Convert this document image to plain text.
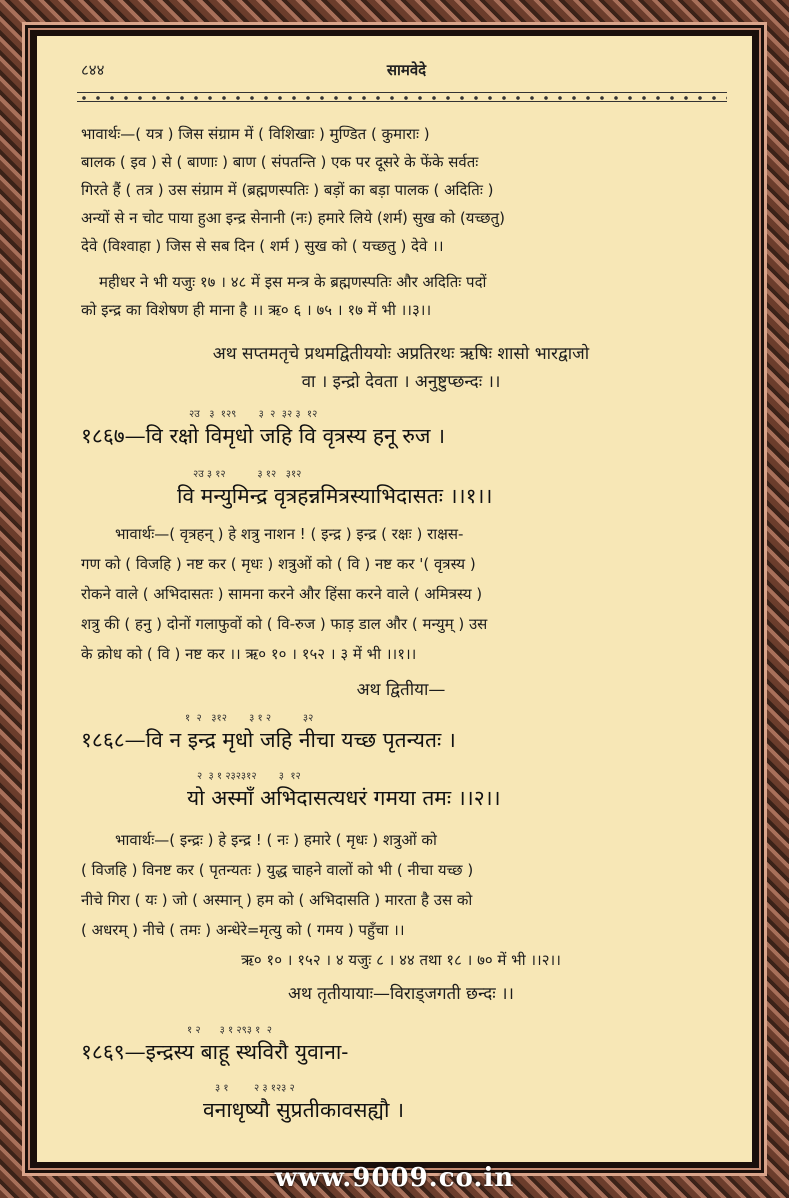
८४४	सामवेदे
भावार्थः—( यत्र ) जिस संग्राम में ( विशिखाः ) मुण्डित ( कुमाराः )
बालक ( इव ) से ( बाणाः ) बाण ( संपतन्ति ) एक पर दूसरे के फेंके सर्वतः
गिरते हैं ( तत्र ) उस संग्राम में (ब्रह्मणस्पतिः ) बड़ों का बड़ा पालक ( अदितिः )
अन्यों से न चोट पाया हुआ इन्द्र सेनानी (नः) हमारे लिये (शर्म) सुख को (यच्छतु)
देवे (विश्वाहा ) जिस से सब दिन ( शर्म ) सुख को ( यच्छतु ) देवे ।।
महीधर ने भी यजुः १७ । ४८ में इस मन्त्र के ब्रह्मणस्पतिः और अदितिः पदों
को इन्द्र का विशेषण ही माना है ।। ऋ० ६ । ७५ । १७ में भी ।।३।।
अथ सप्तमतृचे प्रथमद्वितीययोः अप्रतिरथः ऋषिः शासो भारद्वाजो
वा । इन्द्रो देवता । अनुष्टुप्छन्दः ।।
२उ   ३  १२९       ३  २  ३२ ३  १२
१८६७—वि रक्षो विमृधो जहि वि वृत्रस्य हनू रुज ।
२उ ३ १२          ३ १२   ३१२
वि मन्युमिन्द्र वृत्रहन्नमित्रस्याभिदासतः ।।१।।
भावार्थः—( वृत्रहन् ) हे शत्रु नाशन ! ( इन्द्र ) इन्द्र ( रक्षः ) राक्षस-
गण को ( विजहि ) नष्ट कर ( मृधः ) शत्रुओं को ( वि ) नष्ट कर '( वृत्रस्य )
रोकने वाले ( अभिदासतः ) सामना करने और हिंसा करने वाले ( अमित्रस्य )
शत्रु की ( हनु ) दोनों गलाफुवों को ( वि-रुज ) फाड़ डाल और ( मन्युम् ) उस
के क्रोध को ( वि ) नष्ट कर ।। ऋ० १० । १५२ । ३ में भी ।।१।।
अथ द्वितीया—
१  २   ३१२       ३ १ २          ३२
१८६८—वि न इन्द्र मृधो जहि नीचा यच्छ पृतन्यतः ।
२  ३ १ २३२३१२       ३  १२
यो अस्माँ अभिदासत्यधरं गमया तमः ।।२।।
भावार्थः—( इन्द्रः ) हे इन्द्र ! ( नः ) हमारे ( मृधः ) शत्रुओं को
( विजहि ) विनष्ट कर ( पृतन्यतः ) युद्ध चाहने वालों को भी ( नीचा यच्छ )
नीचे गिरा ( यः ) जो ( अस्मान् ) हम को ( अभिदासति ) मारता है उस को
( अधरम् ) नीचे ( तमः ) अन्धेरे=मृत्यु को ( गमय ) पहुँचा ।।
ऋ० १० । १५२ । ४ यजुः ८ । ४४ तथा १८ । ७० में भी ।।२।।
अथ तृतीयायाः—विराड्जगती छन्दः ।।
१ २      ३ १ २९३ १  २
१८६९—इन्द्रस्य बाहू स्थविरौ युवाना-
३ १        २ ३ १२३ २
वनाधृष्यौ सुप्रतीकावसह्यौ ।
www.9009.co.in
